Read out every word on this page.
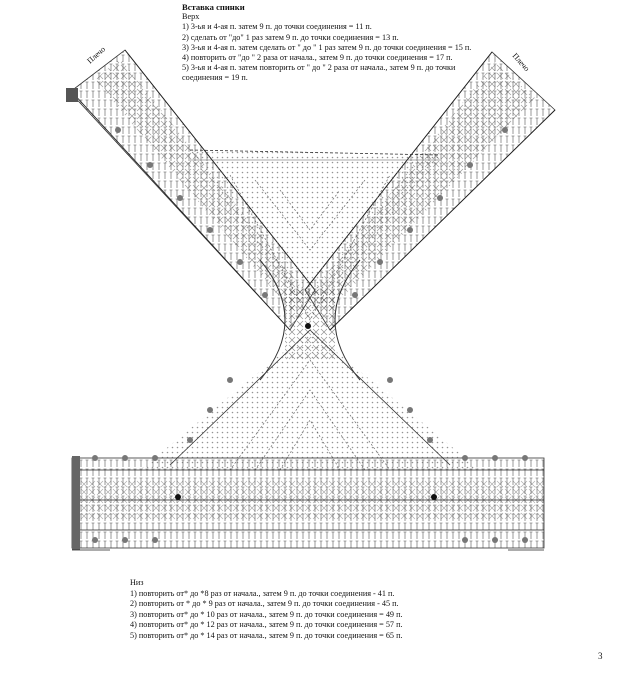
Плечо	Плечо
Вставка спинки
Верх
1) 3-ья и 4-ая п. затем 9 п. до точки соединения = 11 п.
2) сделать от "до" 1 раз затем 9 п. до точки соединения = 13 п.
3) 3-ья и 4-ая п. затем сделать от " до " 1 раз затем 9 п. до точки соединения = 15 п.
4) повторить от "до " 2 раза от начала., затем 9 п. до точки соединения = 17 п.
5) 3-ья и 4-ая п. затем повторить от " до " 2 раза от начала., затем 9 п. до точки соединения = 19 п.
Низ
1) повторить от* до *8 раз от начала., затем 9 п. до точки соединения - 41 п.
2) повторить от * до * 9 раз от начала., затем 9 п. до точки соединения - 45 п.
3) повторить от* до * 10 раз от начала., затем 9 п. до точки соединения = 49 п.
4) повторить от* до * 12 раз от начала., затем 9 п. до точки соединения = 57 п.
5) повторить от* до * 14 раз от начала., затем 9 п. до точки соединения = 65 п.
3
